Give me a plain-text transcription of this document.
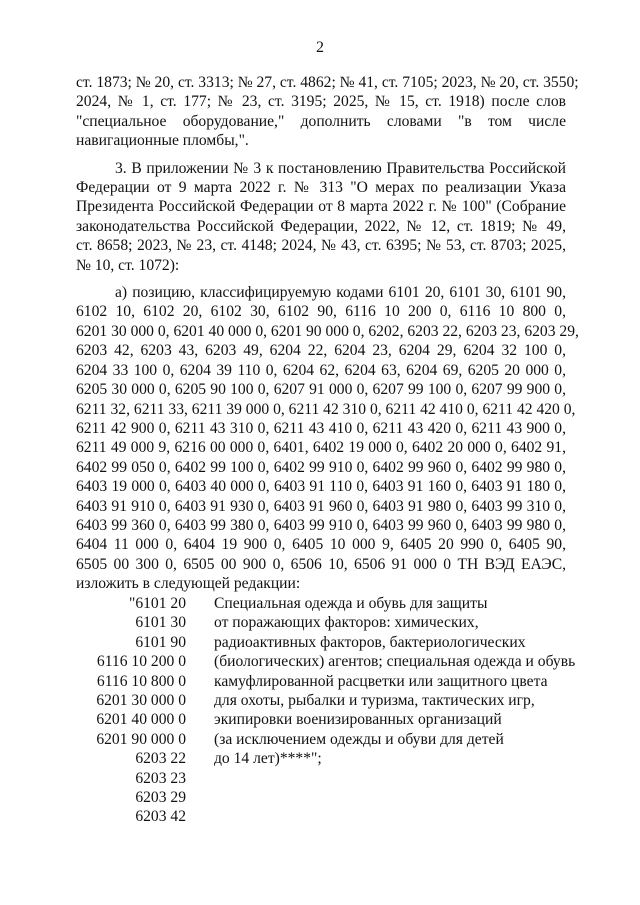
2
ст. 1873; № 20, ст. 3313; № 27, ст. 4862; № 41, ст. 7105; 2023, № 20, ст. 3550;
2024, № 1, ст. 177; № 23, ст. 3195; 2025, № 15, ст. 1918) после слов
"специальное оборудование," дополнить словами "в том числе
навигационные пломбы,".
3. В приложении № 3 к постановлению Правительства Российской
Федерации от 9 марта 2022 г. № 313 "О мерах по реализации Указа
Президента Российской Федерации от 8 марта 2022 г. № 100" (Собрание
законодательства Российской Федерации, 2022, № 12, ст. 1819; № 49,
ст. 8658; 2023, № 23, ст. 4148; 2024, № 43, ст. 6395; № 53, ст. 8703; 2025,
№ 10, ст. 1072):
а) позицию, классифицируемую кодами 6101 20, 6101 30, 6101 90,
6102 10, 6102 20, 6102 30, 6102 90, 6116 10 200 0, 6116 10 800 0,
6201 30 000 0, 6201 40 000 0, 6201 90 000 0, 6202, 6203 22, 6203 23, 6203 29,
6203 42, 6203 43, 6203 49, 6204 22, 6204 23, 6204 29, 6204 32 100 0,
6204 33 100 0, 6204 39 110 0, 6204 62, 6204 63, 6204 69, 6205 20 000 0,
6205 30 000 0, 6205 90 100 0, 6207 91 000 0, 6207 99 100 0, 6207 99 900 0,
6211 32, 6211 33, 6211 39 000 0, 6211 42 310 0, 6211 42 410 0, 6211 42 420 0,
6211 42 900 0, 6211 43 310 0, 6211 43 410 0, 6211 43 420 0, 6211 43 900 0,
6211 49 000 9, 6216 00 000 0, 6401, 6402 19 000 0, 6402 20 000 0, 6402 91,
6402 99 050 0, 6402 99 100 0, 6402 99 910 0, 6402 99 960 0, 6402 99 980 0,
6403 19 000 0, 6403 40 000 0, 6403 91 110 0, 6403 91 160 0, 6403 91 180 0,
6403 91 910 0, 6403 91 930 0, 6403 91 960 0, 6403 91 980 0, 6403 99 310 0,
6403 99 360 0, 6403 99 380 0, 6403 99 910 0, 6403 99 960 0, 6403 99 980 0,
6404 11 000 0, 6404 19 900 0, 6405 10 000 9, 6405 20 990 0, 6405 90,
6505 00 300 0, 6505 00 900 0, 6506 10, 6506 91 000 0 ТН ВЭД ЕАЭС,
изложить в следующей редакции:
"6101 20
6101 30
6101 90
6116 10 200 0
6116 10 800 0
6201 30 000 0
6201 40 000 0
6201 90 000 0
6203 22
6203 23
6203 29
6203 42
Специальная одежда и обувь для защиты
от поражающих факторов: химических,
радиоактивных факторов, бактериологических
(биологических) агентов; специальная одежда и обувь
камуфлированной расцветки или защитного цвета
для охоты, рыбалки и туризма, тактических игр,
экипировки военизированных организаций
(за исключением одежды и обуви для детей
до 14 лет)****";
